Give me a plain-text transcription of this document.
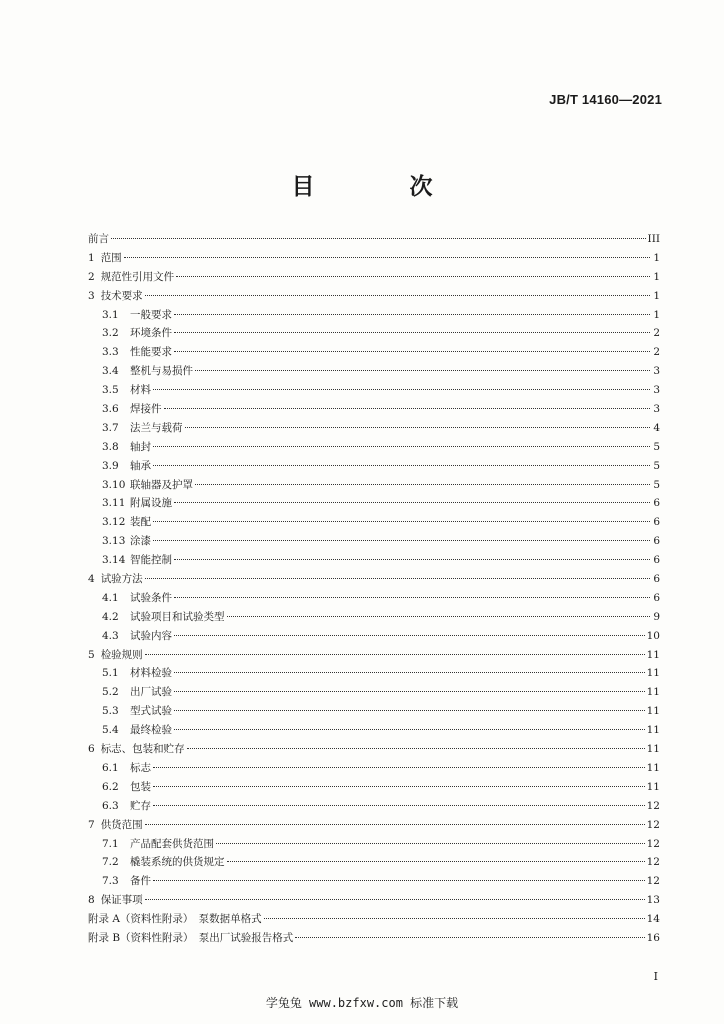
JB/T 14160—2021
目　次
前言	III
1 范围	1
2 规范性引用文件	1
3 技术要求	1
3.1	一般要求	1
3.2	环境条件	2
3.3	性能要求	2
3.4	整机与易损件	3
3.5	材料	3
3.6	焊接件	3
3.7	法兰与载荷	4
3.8	轴封	5
3.9	轴承	5
3.10 联轴器及护罩	5
3.11 附属设施	6
3.12 装配	6
3.13 涂漆	6
3.14 智能控制	6
4 试验方法	6
4.1	试验条件	6
4.2	试验项目和试验类型	9
4.3	试验内容	10
5 检验规则	11
5.1	材料检验	11
5.2	出厂试验	11
5.3	型式试验	11
5.4	最终检验	11
6 标志、包装和贮存	11
6.1	标志	11
6.2	包装	11
6.3	贮存	12
7 供货范围	12
7.1	产品配套供货范围	12
7.2	橇装系统的供货规定	12
7.3	备件	12
8 保证事项	13
附录 A（资料性附录）　泵数据单格式	14
附录 B（资料性附录）　泵出厂试验报告格式	16
I
学兔兔 www.bzfxw.com 标准下载
